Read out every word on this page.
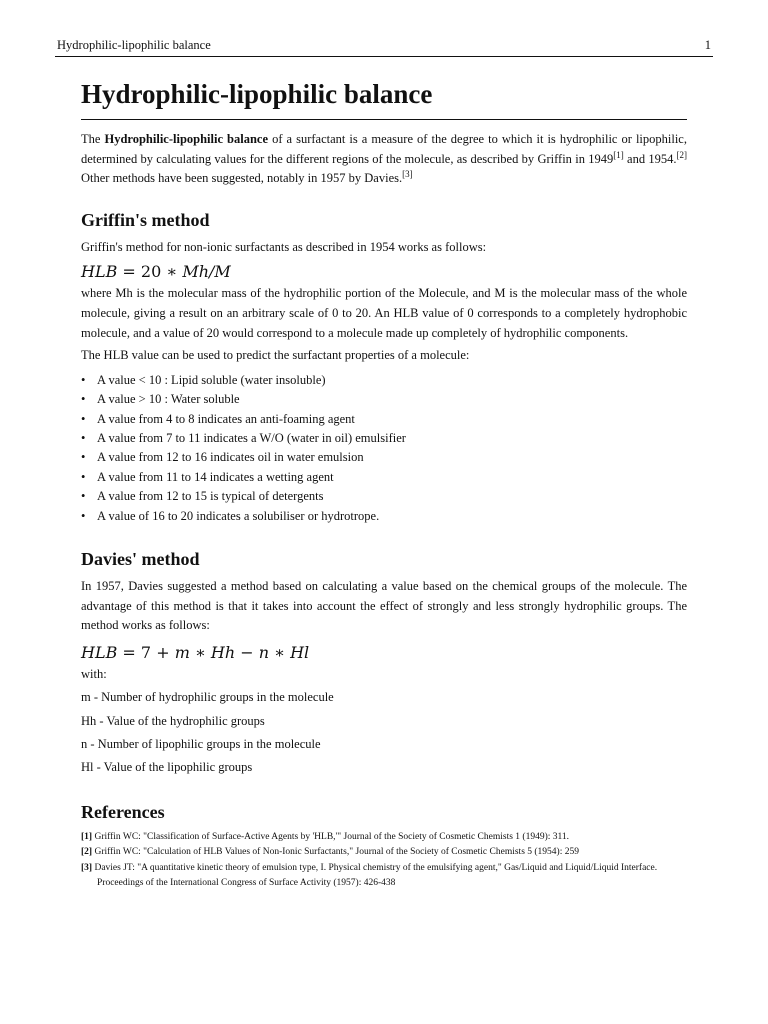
Hydrophilic-lipophilic balance	1
Hydrophilic-lipophilic balance

The Hydrophilic-lipophilic balance of a surfactant is a measure of the degree to which it is hydrophilic or lipophilic, determined by calculating values for the different regions of the molecule, as described by Griffin in 1949[1] and 1954.[2] Other methods have been suggested, notably in 1957 by Davies.[3]

Griffin's method

Griffin's method for non-ionic surfactants as described in 1954 works as follows:

HLB = 20 ∗ Mh/M

where Mh is the molecular mass of the hydrophilic portion of the Molecule, and M is the molecular mass of the whole molecule, giving a result on an arbitrary scale of 0 to 20. An HLB value of 0 corresponds to a completely hydrophobic molecule, and a value of 20 would correspond to a molecule made up completely of hydrophilic components.

The HLB value can be used to predict the surfactant properties of a molecule:

• A value < 10 : Lipid soluble (water insoluble)
• A value > 10 : Water soluble
• A value from 4 to 8 indicates an anti-foaming agent
• A value from 7 to 11 indicates a W/O (water in oil) emulsifier
• A value from 12 to 16 indicates oil in water emulsion
• A value from 11 to 14 indicates a wetting agent
• A value from 12 to 15 is typical of detergents
• A value of 16 to 20 indicates a solubiliser or hydrotrope.
Davies' method

In 1957, Davies suggested a method based on calculating a value based on the chemical groups of the molecule. The advantage of this method is that it takes into account the effect of strongly and less strongly hydrophilic groups. The method works as follows:

HLB = 7 + m ∗ Hh − n ∗ Hl

with:

m - Number of hydrophilic groups in the molecule
Hh - Value of the hydrophilic groups
n - Number of lipophilic groups in the molecule
Hl - Value of the lipophilic groups
References
[1] Griffin WC: "Classification of Surface-Active Agents by 'HLB,'" Journal of the Society of Cosmetic Chemists 1 (1949): 311.
[2] Griffin WC: "Calculation of HLB Values of Non-Ionic Surfactants," Journal of the Society of Cosmetic Chemists 5 (1954): 259
[3] Davies JT: "A quantitative kinetic theory of emulsion type, I. Physical chemistry of the emulsifying agent," Gas/Liquid and Liquid/Liquid Interface. Proceedings of the International Congress of Surface Activity (1957): 426-438
